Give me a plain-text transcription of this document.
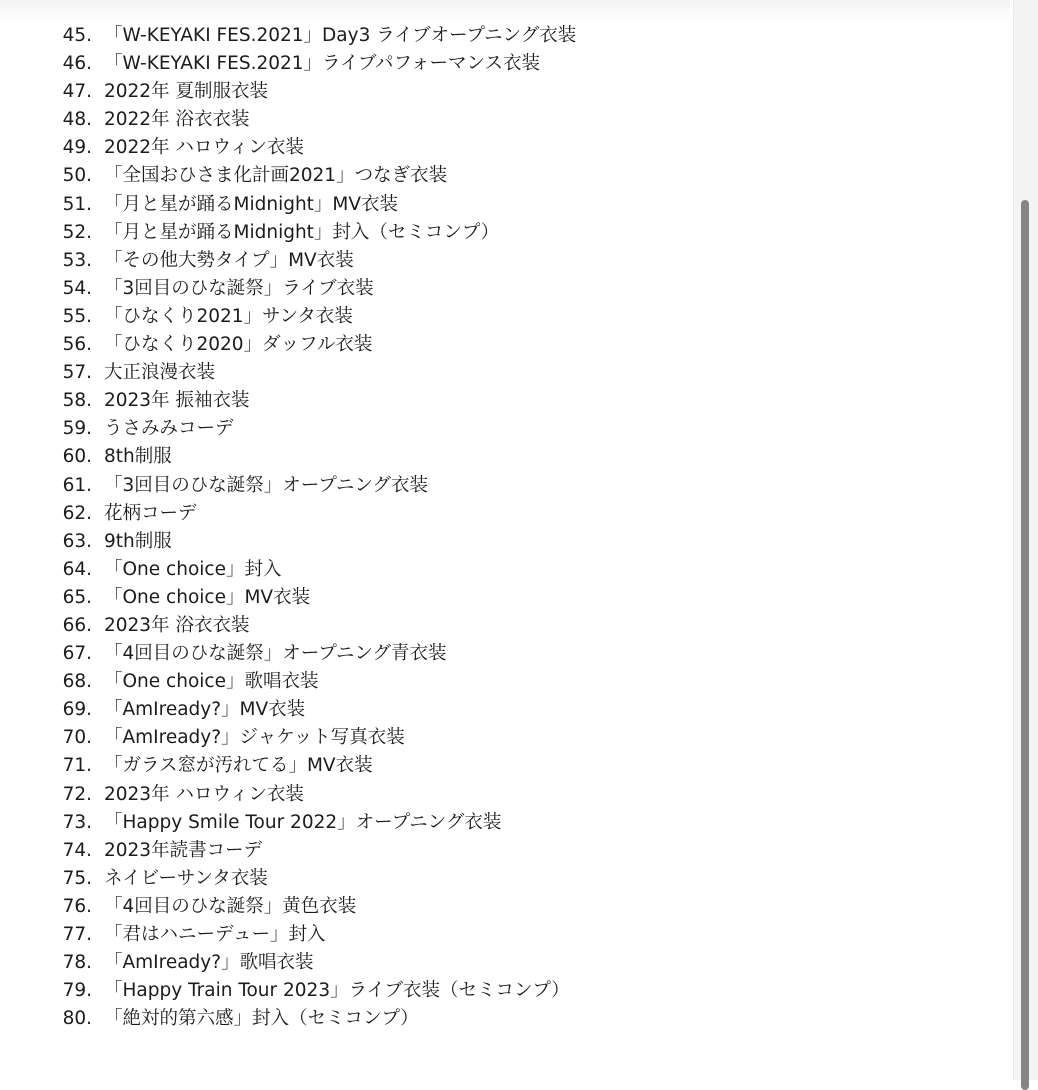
45. 「W-KEYAKI FES.2021」Day3 ライブオープニング衣装
46. 「W-KEYAKI FES.2021」ライブパフォーマンス衣装
47. 2022年 夏制服衣装
48. 2022年 浴衣衣装
49. 2022年 ハロウィン衣装
50. 「全国おひさま化計画2021」つなぎ衣装
51. 「月と星が踊るMidnight」MV衣装
52. 「月と星が踊るMidnight」封入（セミコンプ）
53. 「その他大勢タイプ」MV衣装
54. 「3回目のひな誕祭」ライブ衣装
55. 「ひなくり2021」サンタ衣装
56. 「ひなくり2020」ダッフル衣装
57. 大正浪漫衣装
58. 2023年 振袖衣装
59. うさみみコーデ
60. 8th制服
61. 「3回目のひな誕祭」オープニング衣装
62. 花柄コーデ
63. 9th制服
64. 「One choice」封入
65. 「One choice」MV衣装
66. 2023年 浴衣衣装
67. 「4回目のひな誕祭」オープニング青衣装
68. 「One choice」歌唱衣装
69. 「AmIready?」MV衣装
70. 「AmIready?」ジャケット写真衣装
71. 「ガラス窓が汚れてる」MV衣装
72. 2023年 ハロウィン衣装
73. 「Happy Smile Tour 2022」オープニング衣装
74. 2023年読書コーデ
75. ネイビーサンタ衣装
76. 「4回目のひな誕祭」黄色衣装
77. 「君はハニーデュー」封入
78. 「AmIready?」歌唱衣装
79. 「Happy Train Tour 2023」ライブ衣装（セミコンプ）
80. 「絶対的第六感」封入（セミコンプ）
